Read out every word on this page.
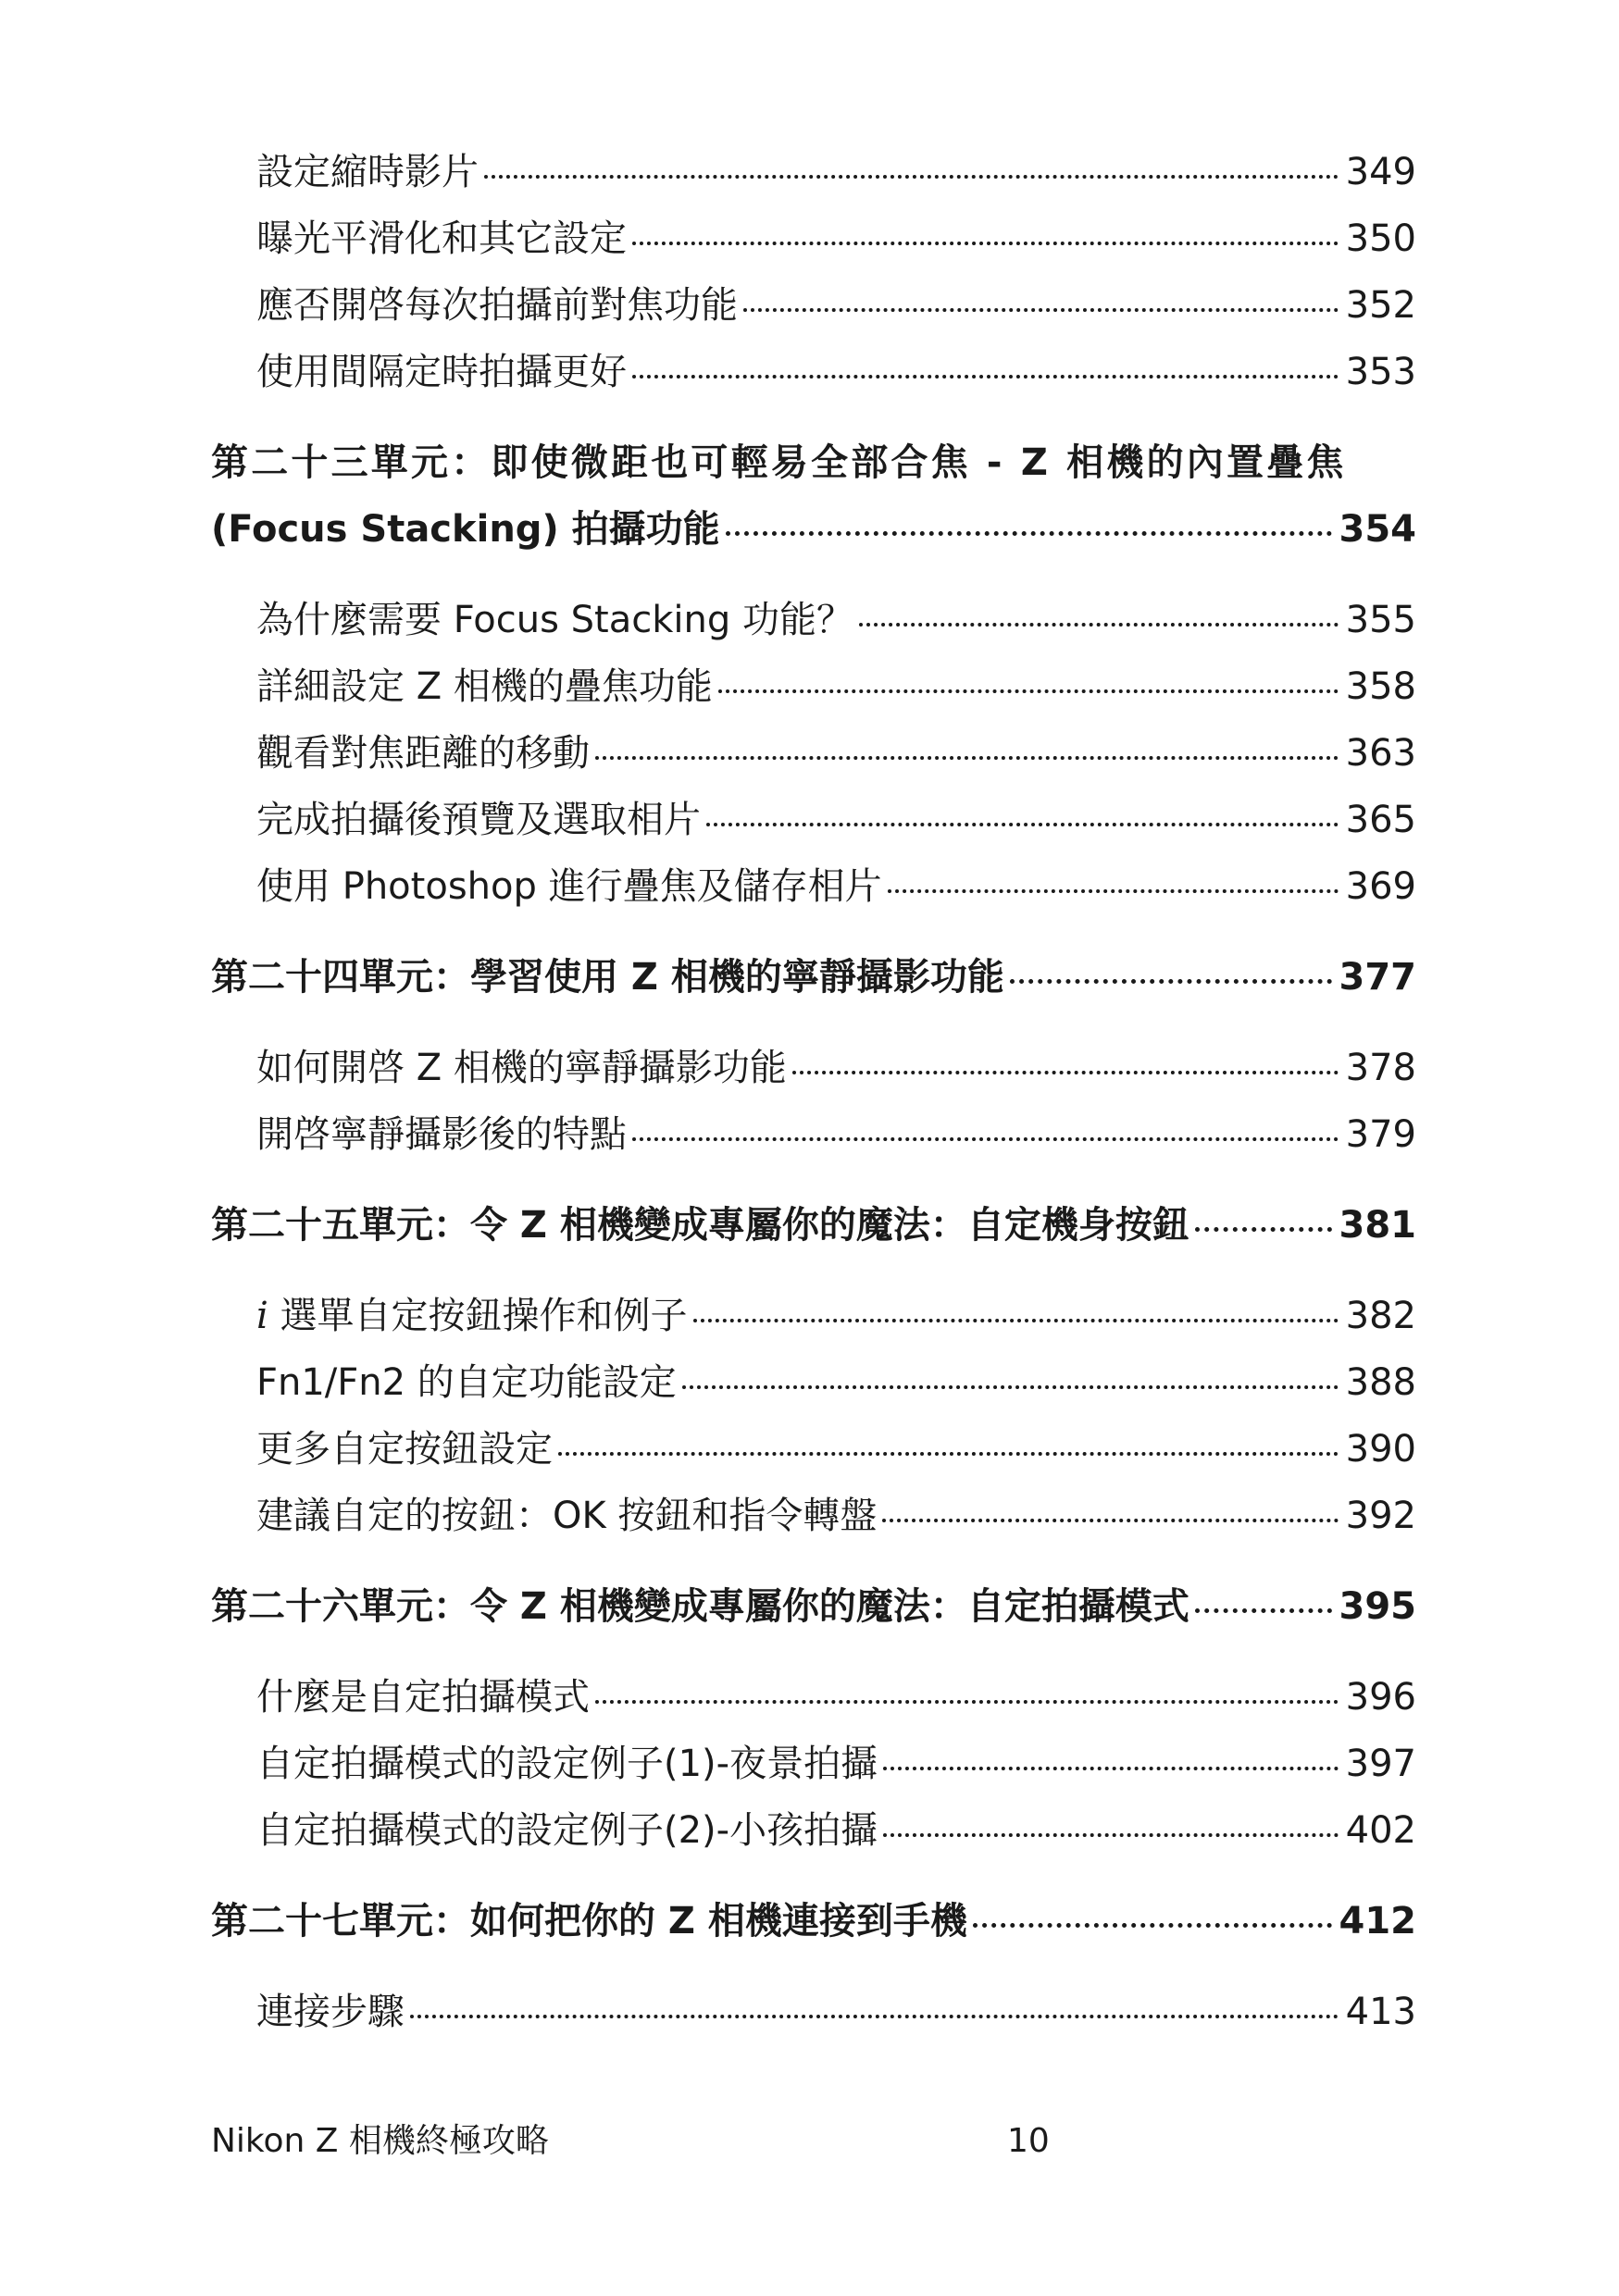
設定縮時影片	349
曝光平滑化和其它設定	350
應否開啓每次拍攝前對焦功能	352
使用間隔定時拍攝更好	353
第二十三單元：即使微距也可輕易全部合焦 - Z 相機的內置疊焦
(Focus Stacking) 拍攝功能	354
為什麼需要 Focus Stacking 功能？	355
詳細設定 Z 相機的疊焦功能	358
觀看對焦距離的移動	363
完成拍攝後預覽及選取相片	365
使用 Photoshop 進行疊焦及儲存相片	369
第二十四單元：學習使用 Z 相機的寧靜攝影功能	377
如何開啓 Z 相機的寧靜攝影功能	378
開啓寧靜攝影後的特點	379
第二十五單元：令 Z 相機變成專屬你的魔法：自定機身按鈕	381
i 選單自定按鈕操作和例子	382
Fn1/Fn2 的自定功能設定	388
更多自定按鈕設定	390
建議自定的按鈕：OK 按鈕和指令轉盤	392
第二十六單元：令 Z 相機變成專屬你的魔法：自定拍攝模式	395
什麼是自定拍攝模式	396
自定拍攝模式的設定例子(1)-夜景拍攝	397
自定拍攝模式的設定例子(2)-小孩拍攝	402
第二十七單元：如何把你的 Z 相機連接到手機	412
連接步驟	413
Nikon Z 相機終極攻略	10
